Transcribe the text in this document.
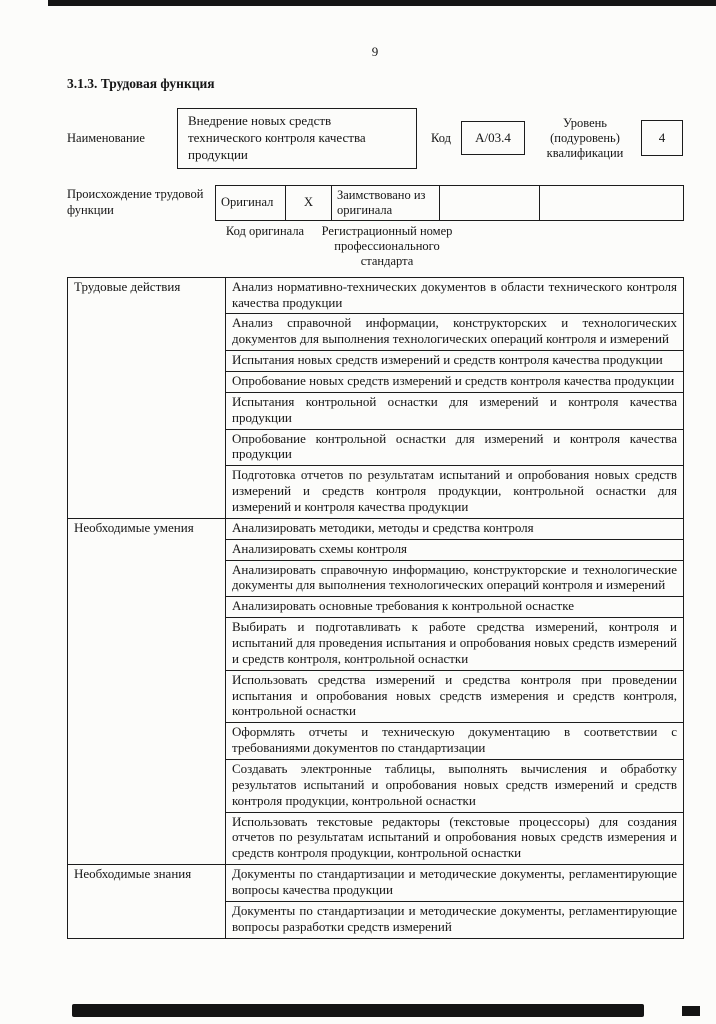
9
3.1.3. Трудовая функция
Наименование
Внедрение новых средств технического контроля качества продукции
Код	А/03.4
Уровень (подуровень) квалификации
4
Происхождение трудовой функции
Оригинал	X	Заимствовано из оригинала		
Код оригинала	Регистрационный номер профессионального стандарта
Трудовые действия	Анализ нормативно-технических документов в области технического контроля качества продукции
	Анализ справочной информации, конструкторских и технологических документов для выполнения технологических операций контроля и измерений
	Испытания новых средств измерений и средств контроля качества продукции
	Опробование новых средств измерений и средств контроля качества продукции
	Испытания контрольной оснастки для измерений и контроля качества продукции
	Опробование контрольной оснастки для измерений и контроля качества продукции
	Подготовка отчетов по результатам испытаний и опробования новых средств измерений и средств контроля продукции, контрольной оснастки для измерений и контроля качества продукции
Необходимые умения	Анализировать методики, методы и средства контроля
	Анализировать схемы контроля
	Анализировать справочную информацию, конструкторские и технологические документы для выполнения технологических операций контроля и измерений
	Анализировать основные требования к контрольной оснастке
	Выбирать и подготавливать к работе средства измерений, контроля и испытаний для проведения испытания и опробования новых средств измерений и средств контроля, контрольной оснастки
	Использовать средства измерений и средства контроля при проведении испытания и опробования новых средств измерения и средств контроля, контрольной оснастки
	Оформлять отчеты и техническую документацию в соответствии с требованиями документов по стандартизации
	Создавать электронные таблицы, выполнять вычисления и обработку результатов испытаний и опробования новых средств измерений и средств контроля продукции, контрольной оснастки
	Использовать текстовые редакторы (текстовые процессоры) для создания отчетов по результатам испытаний и опробования новых средств измерения и средств контроля продукции, контрольной оснастки
Необходимые знания	Документы по стандартизации и методические документы, регламентирующие вопросы качества продукции
	Документы по стандартизации и методические документы, регламентирующие вопросы разработки средств измерений
